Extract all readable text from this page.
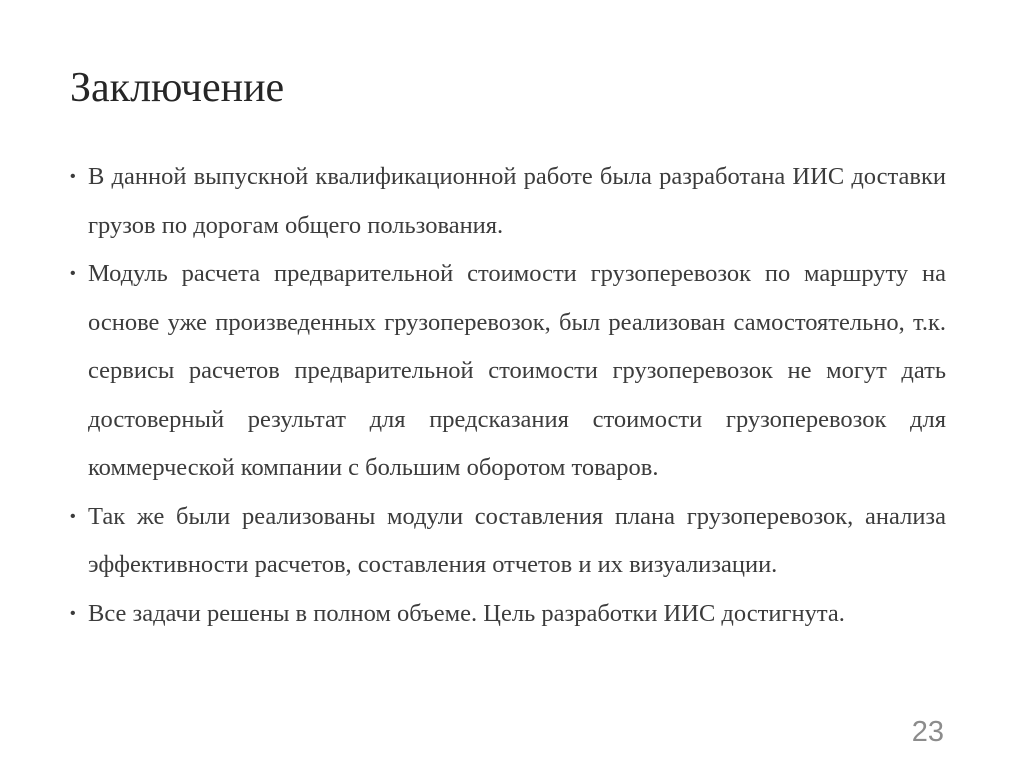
Заключение
• В данной выпускной квалификационной работе была разработана ИИС доставки грузов по дорогам общего пользования.
• Модуль расчета предварительной стоимости грузоперевозок по маршруту на основе уже произведенных грузоперевозок, был реализован самостоятельно, т.к. сервисы расчетов предварительной стоимости грузоперевозок не могут дать достоверный результат для предсказания стоимости грузоперевозок для коммерческой компании с большим оборотом товаров.
• Так же были реализованы модули составления плана грузоперевозок, анализа эффективности расчетов, составления отчетов и их визуализации.
• Все задачи решены в полном объеме. Цель разработки ИИС достигнута.
23
